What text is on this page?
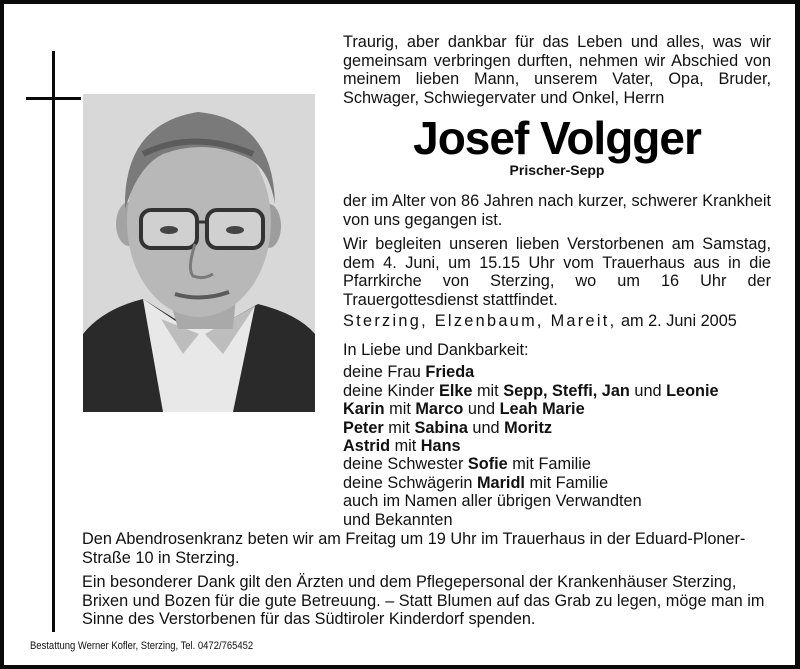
Traurig, aber dankbar für das Leben und alles, was wir gemeinsam verbringen durften, nehmen wir Abschied von meinem lieben Mann, unserem Vater, Opa, Bruder, Schwager, Schwiegervater und Onkel, Herrn
Josef Volgger
Prischer-Sepp
der im Alter von 86 Jahren nach kurzer, schwerer Krankheit von uns gegangen ist.
Wir begleiten unseren lieben Verstorbenen am Samstag, dem 4. Juni, um 15.15 Uhr vom Trauerhaus aus in die Pfarrkirche von Sterzing, wo um 16 Uhr der Trauergottesdienst stattfindet.
Sterzing, Elzenbaum, Mareit, am 2. Juni 2005
In Liebe und Dankbarkeit:
deine Frau Frieda
deine Kinder Elke mit Sepp, Steffi, Jan und Leonie
Karin mit Marco und Leah Marie
Peter mit Sabina und Moritz
Astrid mit Hans
deine Schwester Sofie mit Familie
deine Schwägerin Maridl mit Familie
auch im Namen aller übrigen Verwandten
und Bekannten
Den Abendrosenkranz beten wir am Freitag um 19 Uhr im Trauerhaus in der Eduard-Ploner-Straße 10 in Sterzing.
Ein besonderer Dank gilt den Ärzten und dem Pflegepersonal der Krankenhäuser Sterzing, Brixen und Bozen für die gute Betreuung. – Statt Blumen auf das Grab zu legen, möge man im Sinne des Verstorbenen für das Südtiroler Kinderdorf spenden.
Bestattung Werner Kofler, Sterzing, Tel. 0472/765452
